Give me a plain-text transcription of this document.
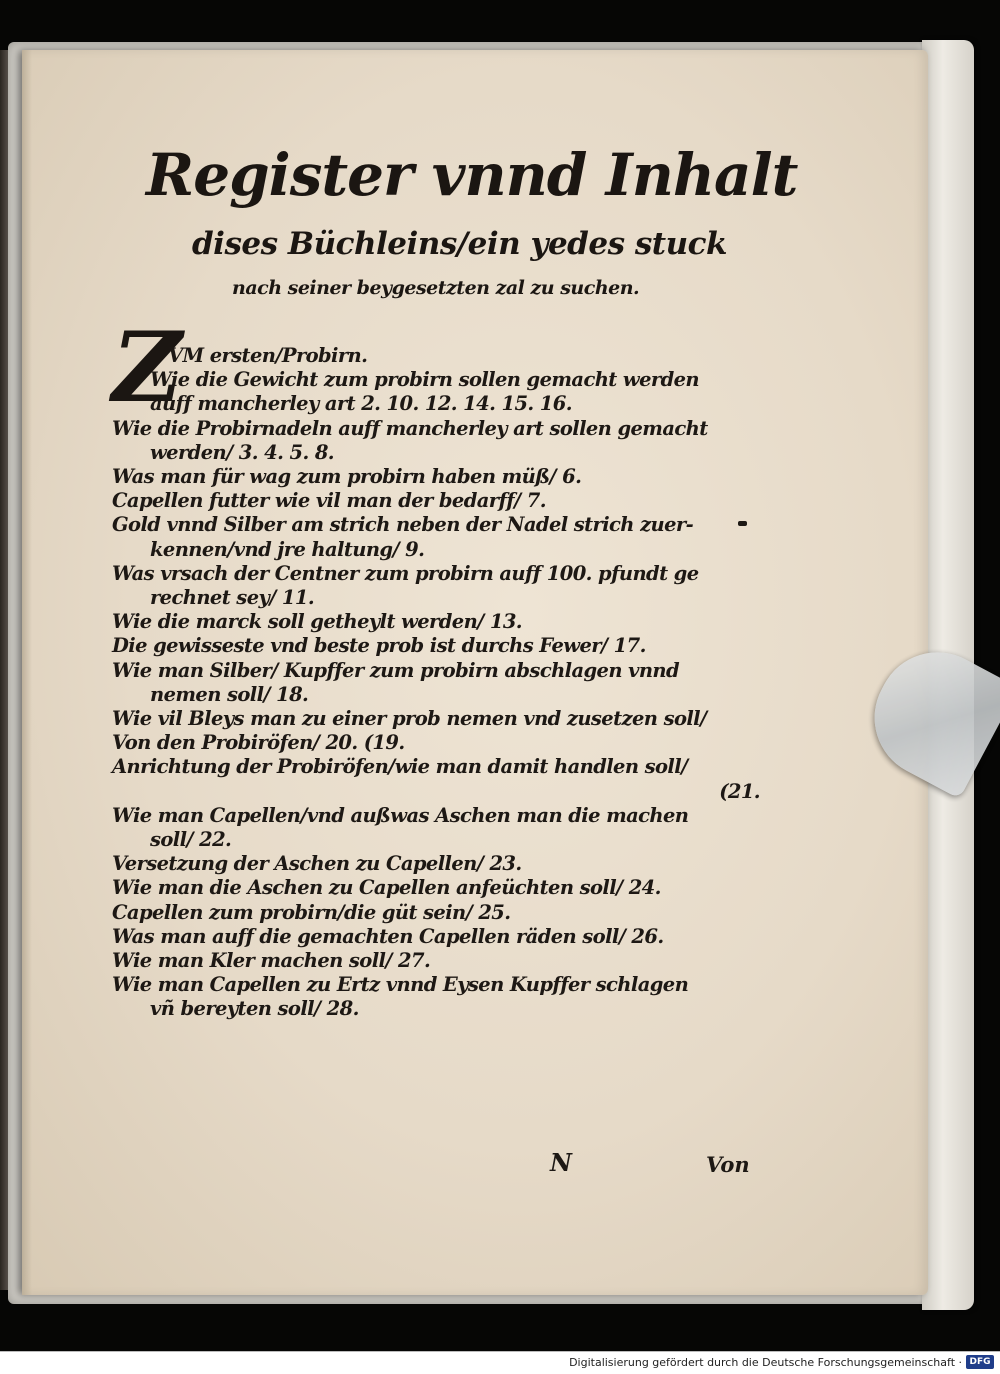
Register vnnd Inhalt
dises Büchleins/ein yedes stuck
nach seiner beygesetzten zal zu suchen.
Z
VM ersten/Probirn.
Wie die Gewicht zum probirn sollen gemacht werden
auff mancherley art 2. 10. 12. 14. 15. 16.
Wie die Probirnadeln auff mancherley art sollen gemacht
werden/ 3. 4. 5. 8.
Was man für wag zum probirn haben müß/ 6.
Capellen futter wie vil man der bedarff/ 7.
Gold vnnd Silber am strich neben der Nadel strich zuer-
kennen/vnd jre haltung/ 9.
Was vrsach der Centner zum probirn auff 100. pfundt ge
rechnet sey/ 11.
Wie die marck soll getheylt werden/ 13.
Die gewisseste vnd beste prob ist durchs Fewer/ 17.
Wie man Silber/ Kupffer zum probirn abschlagen vnnd
nemen soll/ 18.
Wie vil Bleys man zu einer prob nemen vnd zusetzen soll/
Von den Probiröfen/ 20. (19.
Anrichtung der Probiröfen/wie man damit handlen soll/
(21.
Wie man Capellen/vnd außwas Aschen man die machen
soll/ 22.
Versetzung der Aschen zu Capellen/ 23.
Wie man die Aschen zu Capellen anfeüchten soll/ 24.
Capellen zum probirn/die güt sein/ 25.
Was man auff die gemachten Capellen räden soll/ 26.
Wie man Kler machen soll/ 27.
Wie man Capellen zu Ertz vnnd Eysen Kupffer schlagen
vñ bereyten soll/ 28.
N	Von
Digitalisierung gefördert durch die Deutsche Forschungsgemeinschaft · DFG
